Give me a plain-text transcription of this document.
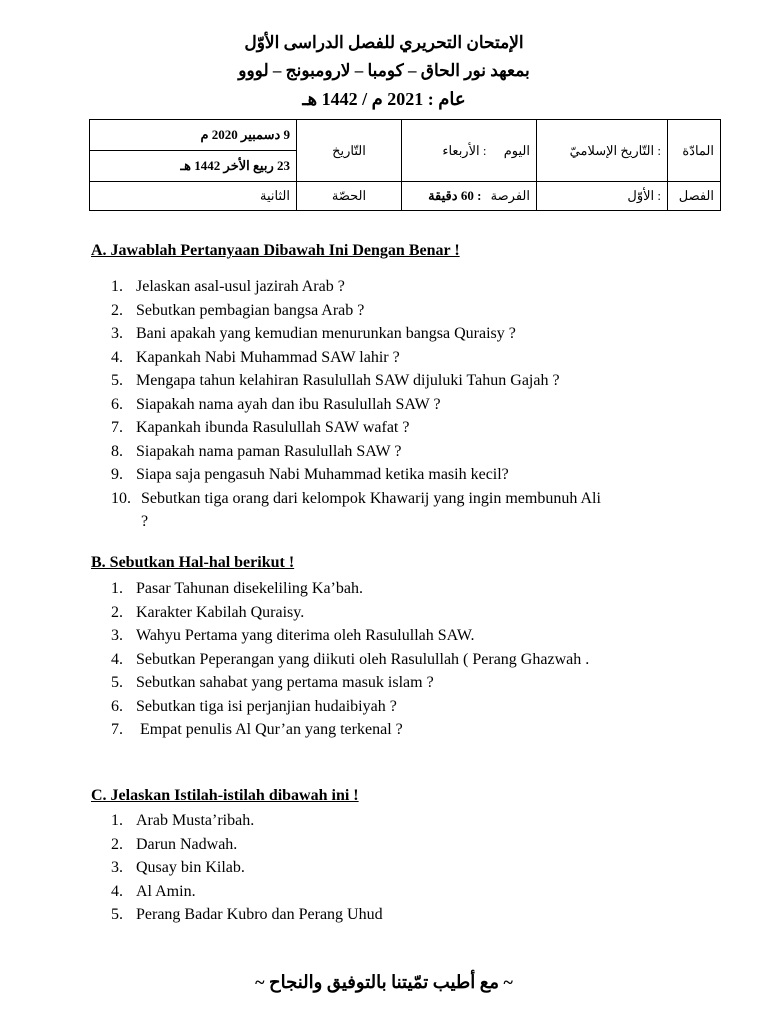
الإمتحان التحريري للفصل الدراسى الأوّل
بمعهد نور الحاق – كومبا – لارومبونج – لووو
عام : 2021 م / 1442 هـ
المادّة	: التّاريخ الإسلاميّ	اليوم : الأربعاء	التّاريخ	9 دسمبير 2020 م
23 ربيع الأخر 1442 هـ

الفصل	: الأوّل	الفرصة : 60 دقيقة	الحصّة	الثانية
A. Jawablah Pertanyaan Dibawah Ini Dengan Benar !
1. Jelaskan asal-usul jazirah Arab ?
2. Sebutkan pembagian bangsa Arab ?
3. Bani apakah yang kemudian menurunkan bangsa Quraisy ?
4. Kapankah Nabi Muhammad SAW lahir ?
5. Mengapa tahun kelahiran Rasulullah SAW dijuluki Tahun Gajah ?
6. Siapakah nama ayah dan ibu Rasulullah SAW ?
7. Kapankah ibunda Rasulullah SAW wafat ?
8. Siapakah nama paman Rasulullah SAW ?
9. Siapa saja pengasuh Nabi Muhammad ketika masih kecil?
10. Sebutkan tiga orang dari kelompok Khawarij yang ingin membunuh Ali ?
B. Sebutkan Hal-hal berikut !
1. Pasar Tahunan disekeliling Ka’bah.
2. Karakter Kabilah Quraisy.
3. Wahyu Pertama yang diterima oleh Rasulullah SAW.
4. Sebutkan Peperangan yang diikuti oleh Rasulullah ( Perang Ghazwah .
5. Sebutkan sahabat yang pertama masuk islam ?
6. Sebutkan tiga isi perjanjian hudaibiyah ?
7. Empat penulis Al Qur’an yang terkenal ?
C. Jelaskan Istilah-istilah dibawah ini !
1. Arab Musta’ribah.
2. Darun Nadwah.
3. Qusay bin Kilab.
4. Al Amin.
5. Perang Badar Kubro dan Perang Uhud
~ مع أطيب تمّيتنا بالتوفيق والنجاح ~
